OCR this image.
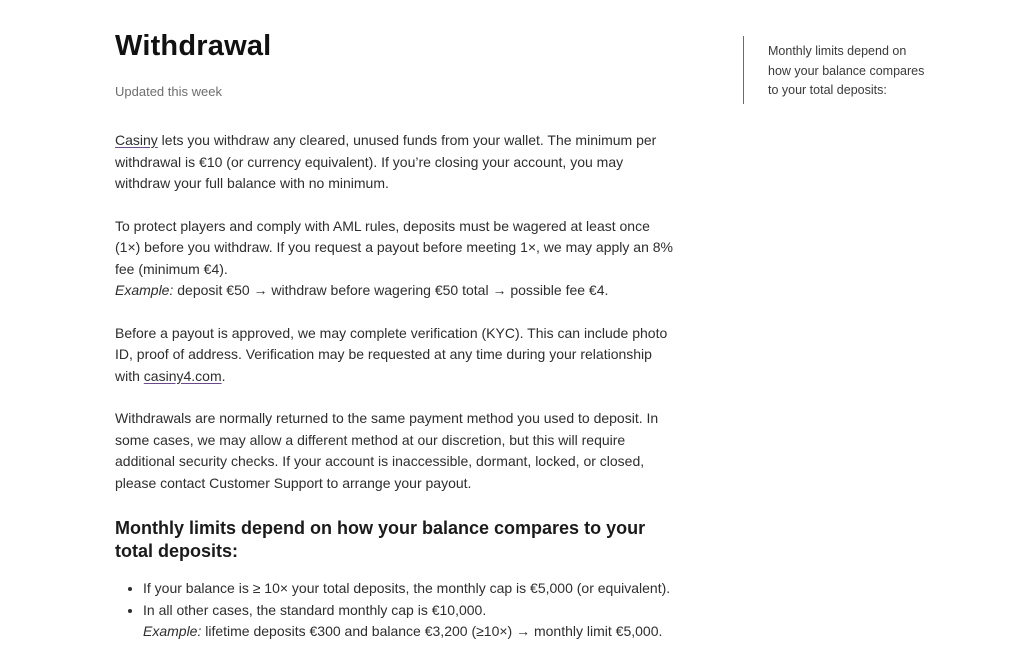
Withdrawal
Updated this week

Casiny lets you withdraw any cleared, unused funds from your wallet. The minimum per withdrawal is €10 (or currency equivalent). If you’re closing your account, you may withdraw your full balance with no minimum.

To protect players and comply with AML rules, deposits must be wagered at least once (1×) before you withdraw. If you request a payout before meeting 1×, we may apply an 8% fee (minimum €4).

Example: deposit €50 → withdraw before wagering €50 total → possible fee €4.

Before a payout is approved, we may complete verification (KYC). This can include photo ID, proof of address. Verification may be requested at any time during your relationship with casiny4.com.

Withdrawals are normally returned to the same payment method you used to deposit. In some cases, we may allow a different method at our discretion, but this will require additional security checks. If your account is inaccessible, dormant, locked, or closed, please contact Customer Support to arrange your payout.

Monthly limits depend on how your balance compares to your total deposits:
• If your balance is ≥ 10× your total deposits, the monthly cap is €5,000 (or equivalent).
• In all other cases, the standard monthly cap is €10,000.
Example: lifetime deposits €300 and balance €3,200 (≥10×) → monthly limit €5,000.

Monthly limits depend on how your balance compares to your total deposits:
